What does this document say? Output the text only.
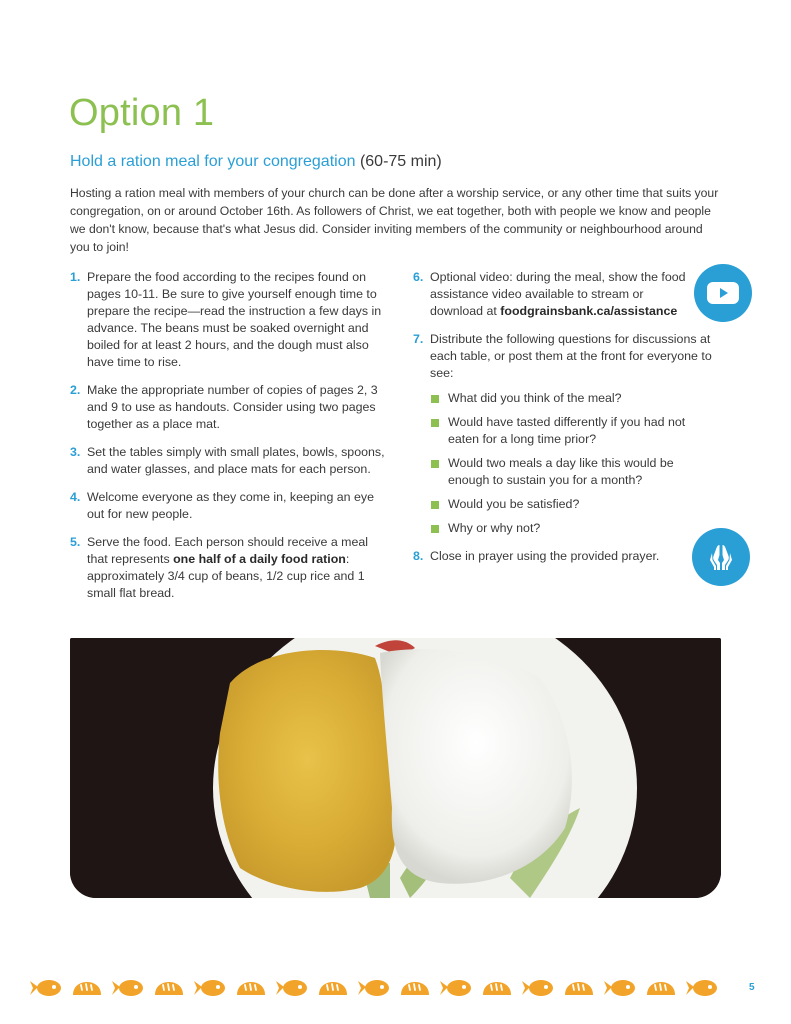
Option 1
Hold a ration meal for your congregation (60-75 min)

Hosting a ration meal with members of your church can be done after a worship service, or any other time that suits your congregation, on or around October 16th. As followers of Christ, we eat together, both with people we know and people we don't know, because that's what Jesus did. Consider inviting members of the community or neighbourhood around you to join!

1. Prepare the food according to the recipes found on pages 10-11. Be sure to give yourself enough time to prepare the recipe—read the instruction a few days in advance. The beans must be soaked overnight and boiled for at least 2 hours, and the dough must also have time to rise.
2. Make the appropriate number of copies of pages 2, 3 and 9 to use as handouts. Consider using two pages together as a place mat.
3. Set the tables simply with small plates, bowls, spoons, and water glasses, and place mats for each person.
4. Welcome everyone as they come in, keeping an eye out for new people.
5. Serve the food. Each person should receive a meal that represents one half of a daily food ration: approximately 3/4 cup of beans, 1/2 cup rice and 1 small flat bread.
6. Optional video: during the meal, show the food assistance video available to stream or download at foodgrainsbank.ca/assistance
7. Distribute the following questions for discussions at each table, or post them at the front for everyone to see:
What did you think of the meal?
Would have tasted differently if you had not eaten for a long time prior?
Would two meals a day like this would be enough to sustain you for a month?
Would you be satisfied?
Why or why not?
8. Close in prayer using the provided prayer.
5
